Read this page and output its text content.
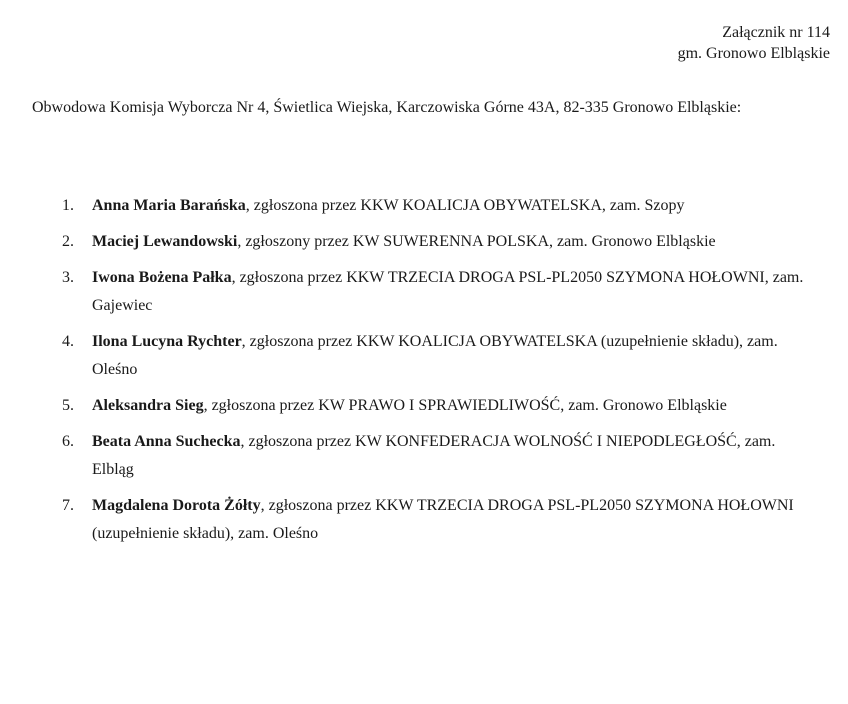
Załącznik nr 114
gm. Gronowo Elbląskie
Obwodowa Komisja Wyborcza Nr 4, Świetlica Wiejska, Karczowiska Górne 43A, 82-335 Gronowo Elbląskie:
1. Anna Maria Barańska, zgłoszona przez KKW KOALICJA OBYWATELSKA, zam. Szopy
2. Maciej Lewandowski, zgłoszony przez KW SUWERENNA POLSKA, zam. Gronowo Elbląskie
3. Iwona Bożena Pałka, zgłoszona przez KKW TRZECIA DROGA PSL-PL2050 SZYMONA HOŁOWNI, zam. Gajewiec
4. Ilona Lucyna Rychter, zgłoszona przez KKW KOALICJA OBYWATELSKA (uzupełnienie składu), zam. Oleśno
5. Aleksandra Sieg, zgłoszona przez KW PRAWO I SPRAWIEDLIWOŚĆ, zam. Gronowo Elbląskie
6. Beata Anna Suchecka, zgłoszona przez KW KONFEDERACJA WOLNOŚĆ I NIEPODLEGŁOŚĆ, zam. Elbląg
7. Magdalena Dorota Żółty, zgłoszona przez KKW TRZECIA DROGA PSL-PL2050 SZYMONA HOŁOWNI (uzupełnienie składu), zam. Oleśno
